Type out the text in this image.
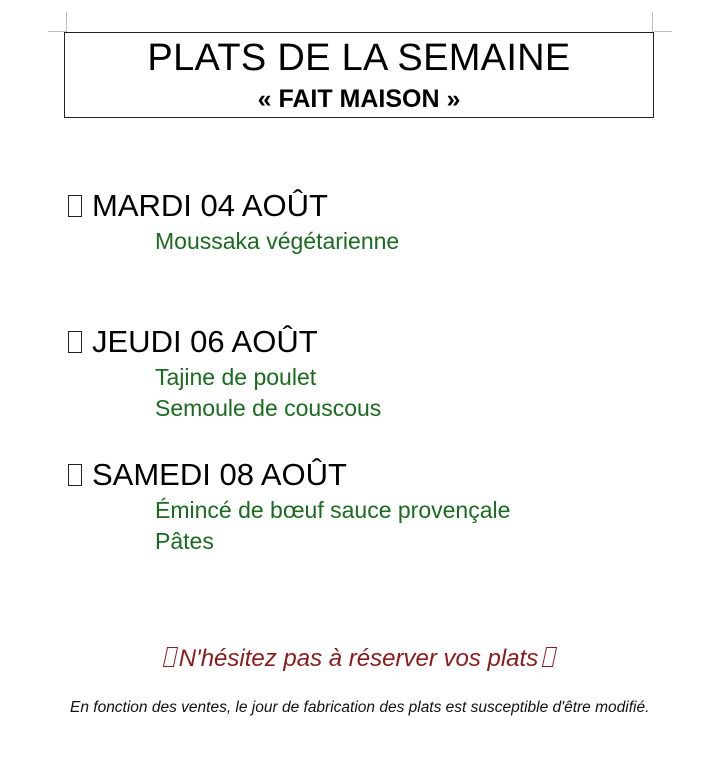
PLATS DE LA SEMAINE
« FAIT MAISON »
MARDI 04 AOÛT
Moussaka végétarienne
JEUDI 06 AOÛT
Tajine de poulet
Semoule de couscous
SAMEDI 08 AOÛT
Émincé de bœuf sauce provençale
Pâtes
N'hésitez pas à réserver vos plats
En fonction des ventes, le jour de fabrication des plats est susceptible d'être modifié.
